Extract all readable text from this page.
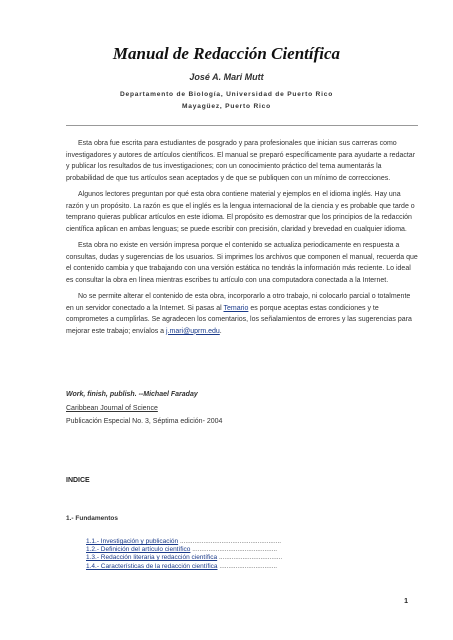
Manual de Redacción Científica
José A. Mari Mutt
Departamento de Biología, Universidad de Puerto Rico
Mayagüez, Puerto Rico

Esta obra fue escrita para estudiantes de posgrado y para profesionales que inician sus carreras como investigadores y autores de artículos científicos. El manual se preparó específicamente para ayudarte a redactar y publicar los resultados de tus investigaciones; con un conocimiento práctico del tema aumentarás la probabilidad de que tus artículos sean aceptados y de que se publiquen con un mínimo de correcciones.

Algunos lectores preguntan por qué esta obra contiene material y ejemplos en el idioma inglés. Hay una razón y un propósito. La razón es que el inglés es la lengua internacional de la ciencia y es probable que tarde o temprano quieras publicar artículos en este idioma. El propósito es demostrar que los principios de la redacción científica aplican en ambas lenguas; se puede escribir con precisión, claridad y brevedad en cualquier idioma.

Esta obra no existe en versión impresa porque el contenido se actualiza periodicamente en respuesta a consultas, dudas y sugerencias de los usuarios. Si imprimes los archivos que componen el manual, recuerda que el contenido cambia y que trabajando con una versión estática no tendrás la información más reciente. Lo ideal es consultar la obra en línea mientras escribes tu artículo con una computadora conectada a la Internet.

No se permite alterar el contenido de esta obra, incorporarlo a otro trabajo, ni colocarlo parcial o totalmente en un servidor conectado a la Internet. Si pasas al Temario es porque aceptas estas condiciones y te comprometes a cumplirlas. Se agradecen los comentarios, los señalamientos de errores y las sugerencias para mejorar este trabajo; envíalos a j.mari@uprm.edu.

Work, finish, publish. --Michael Faraday
Caribbean Journal of Science
Publicación Especial No. 3, Séptima edición- 2004
INDICE
1.- Fundamentos
1.1.- Investigación y publicación ........................................................
1.2.- Definición del artículo científico ...............................................
1.3.- Redacción literaria y redacción científica ...................................
1.4.- Características de la redacción científica ................................
1
